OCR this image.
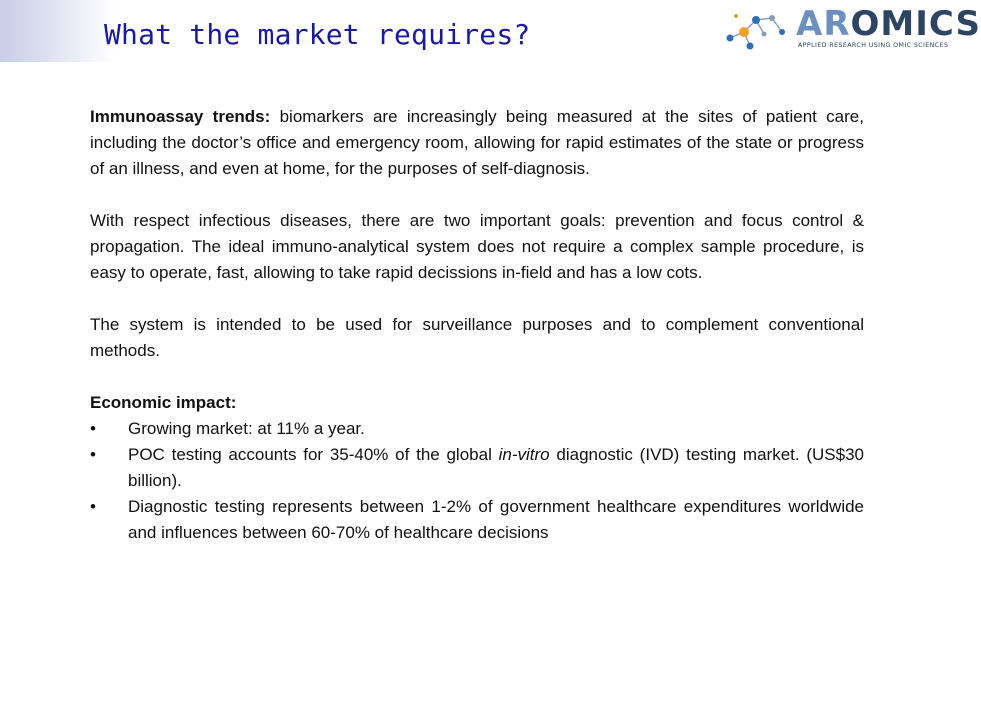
What the market requires?	AROMICS
APPLIED RESEARCH USING OMIC SCIENCES

Immunoassay trends: biomarkers are increasingly being measured at the sites of patient care, including the doctor’s office and emergency room, allowing for rapid estimates of the state or progress of an illness, and even at home, for the purposes of self-diagnosis.

With respect infectious diseases, there are two important goals: prevention and focus control & propagation. The ideal immuno-analytical system does not require a complex sample procedure, is easy to operate, fast, allowing to take rapid decissions in-field and has a low cots.

The system is intended to be used for surveillance purposes and to complement conventional methods.

Economic impact:

•	Growing market: at 11% a year.
•	POC testing accounts for 35-40% of the global in-vitro diagnostic (IVD) testing market. (US$30 billion).
•	Diagnostic testing represents between 1-2% of government healthcare expenditures worldwide and influences between 60-70% of healthcare decisions
